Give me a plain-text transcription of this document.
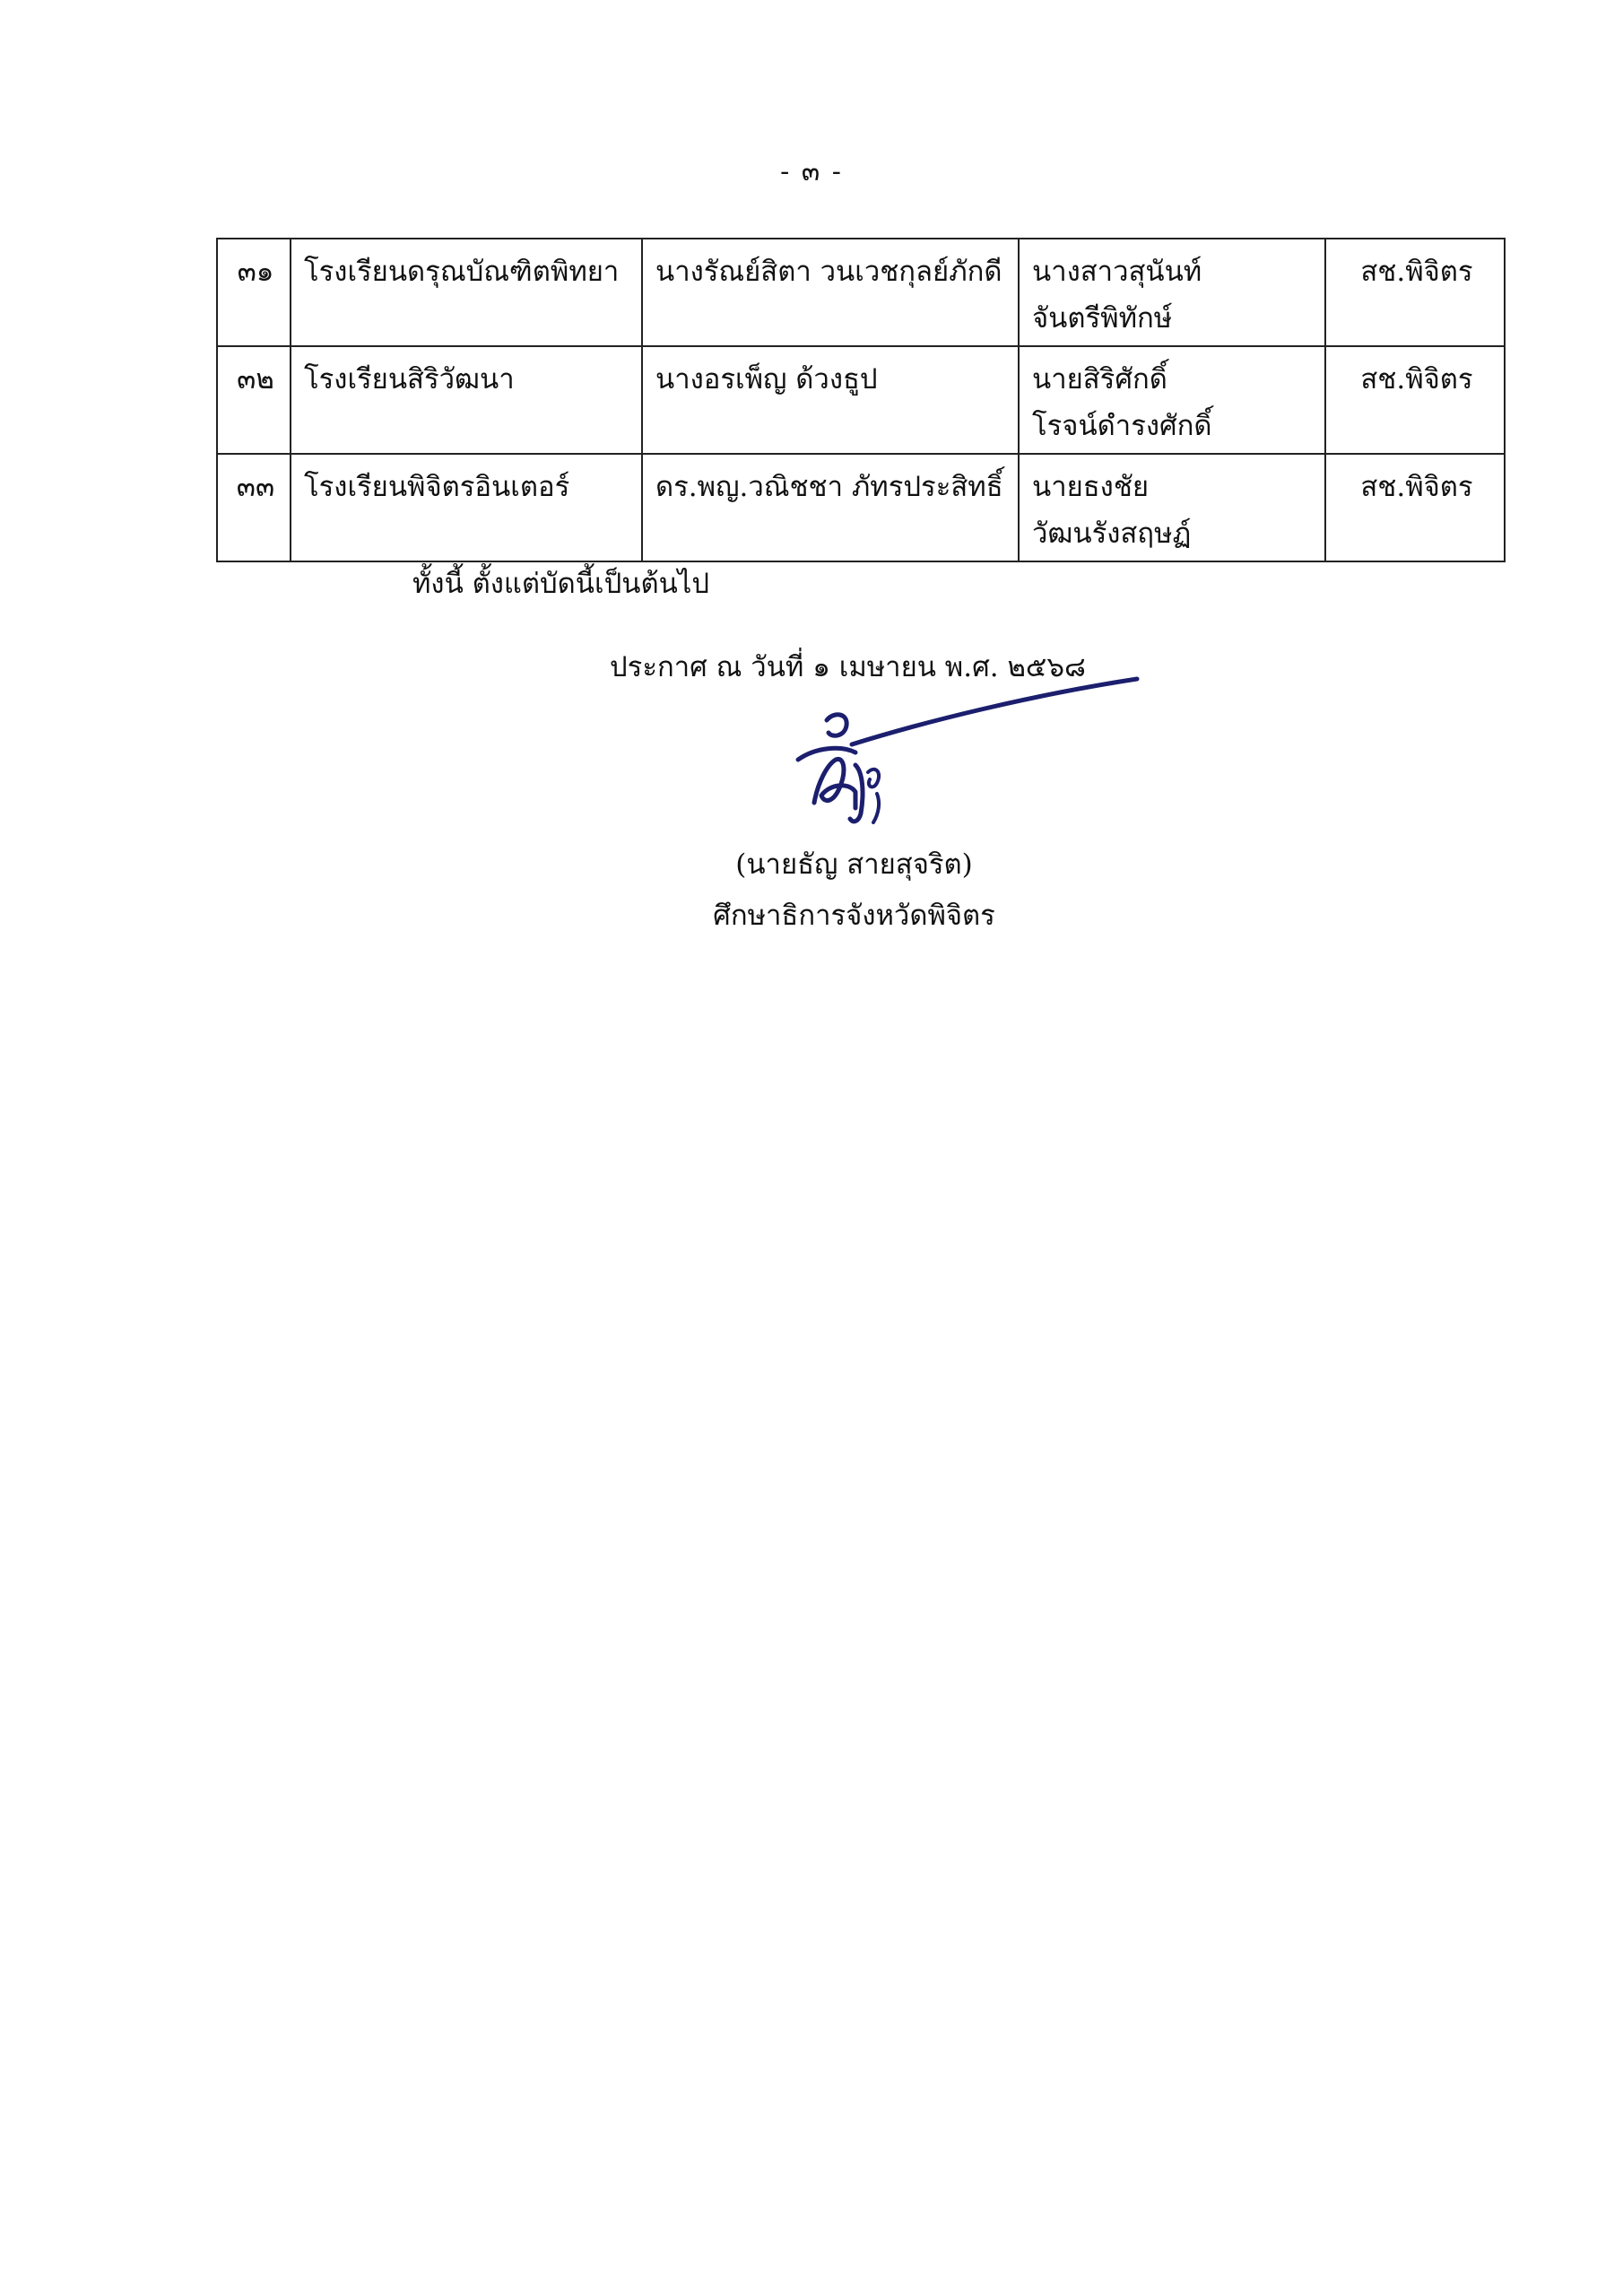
- ๓ -
๓๑	โรงเรียนดรุณบัณฑิตพิทยา	นางรัณย์สิตา วนเวชกุลย์ภักดี	นางสาวสุนันท์
จันตรีพิทักษ์	สช.พิจิตร
๓๒	โรงเรียนสิริวัฒนา	นางอรเพ็ญ ด้วงธูป	นายสิริศักดิ์
โรจน์ดำรงศักดิ์	สช.พิจิตร
๓๓	โรงเรียนพิจิตรอินเตอร์	ดร.พญ.วณิชชา ภัทรประสิทธิ์	นายธงชัย
วัฒนรังสฤษฏ์	สช.พิจิตร
ทั้งนี้ ตั้งแต่บัดนี้เป็นต้นไป
ประกาศ ณ วันที่ ๑ เมษายน พ.ศ. ๒๕๖๘
(นายธัญ สายสุจริต)
ศึกษาธิการจังหวัดพิจิตร
